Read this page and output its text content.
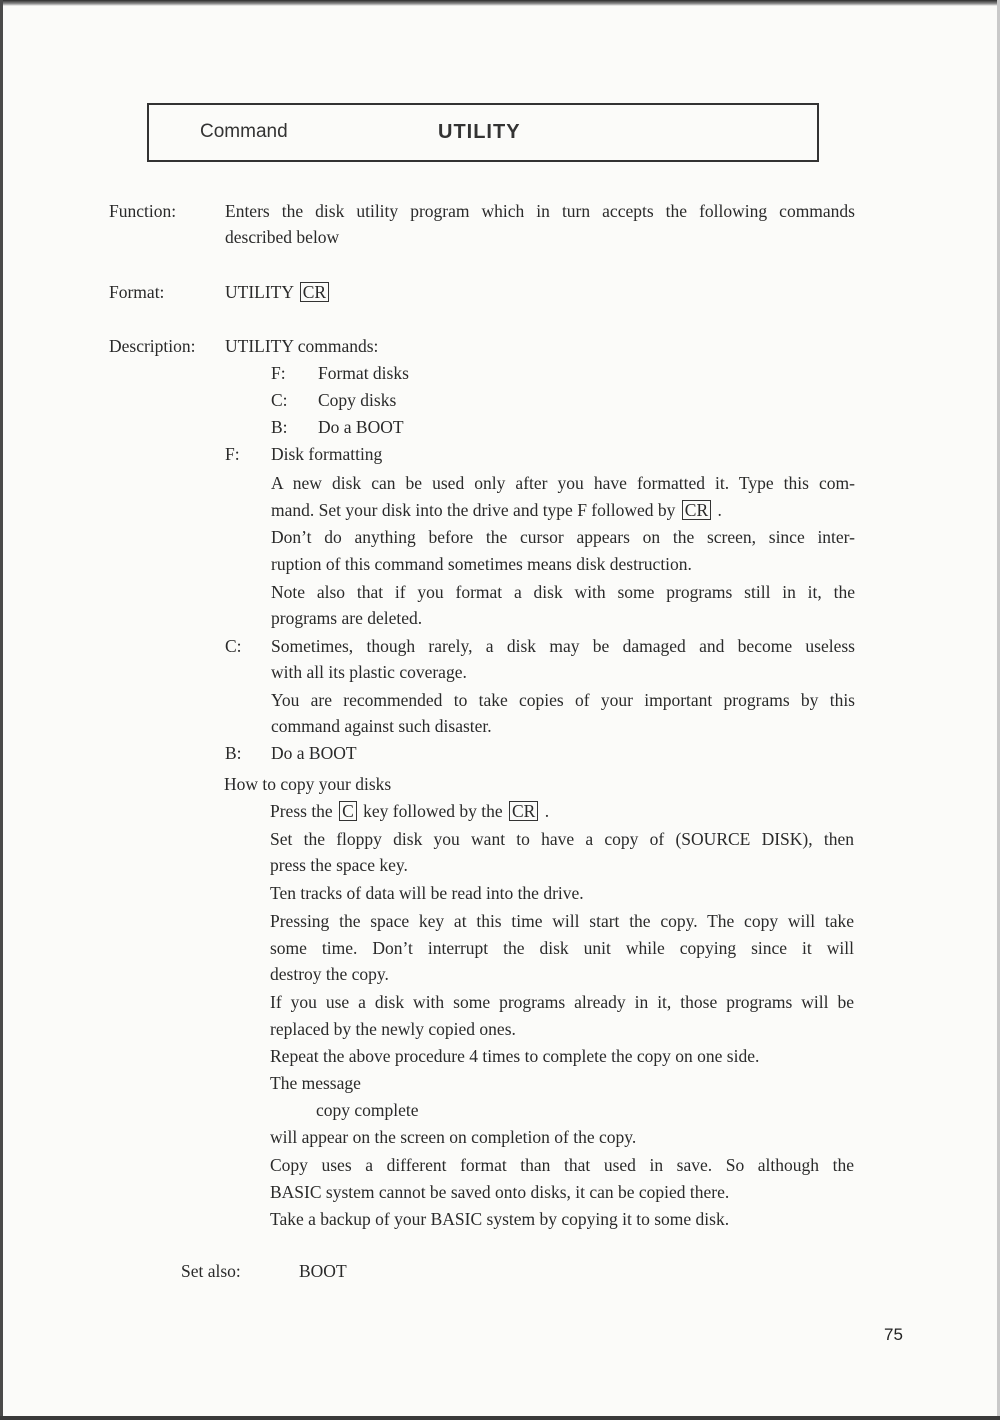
Command	UTILITY
Function:	Enters the disk utility program which in turn accepts the following commands
described below
Format:	UTILITY CR
Description: UTILITY commands:
F: Format disks
C: Copy disks
B: Do a BOOT
F: Disk formatting
A new disk can be used only after you have formatted it. Type this com-
mand. Set your disk into the drive and type F followed by CR .
Don’t do anything before the cursor appears on the screen, since inter-
ruption of this command sometimes means disk destruction.
Note also that if you format a disk with some programs still in it, the
programs are deleted.
C: Sometimes, though rarely, a disk may be damaged and become useless
with all its plastic coverage.
You are recommended to take copies of your important programs by this
command against such disaster.
B: Do a BOOT
How to copy your disks
Press the C key followed by the CR .
Set the floppy disk you want to have a copy of (SOURCE DISK), then
press the space key.
Ten tracks of data will be read into the drive.
Pressing the space key at this time will start the copy. The copy will take
some time. Don’t interrupt the disk unit while copying since it will
destroy the copy.
If you use a disk with some programs already in it, those programs will be
replaced by the newly copied ones.
Repeat the above procedure 4 times to complete the copy on one side.
The message
copy complete
will appear on the screen on completion of the copy.
Copy uses a different format than that used in save. So although the
BASIC system cannot be saved onto disks, it can be copied there.
Take a backup of your BASIC system by copying it to some disk.
Set also:	BOOT
75
